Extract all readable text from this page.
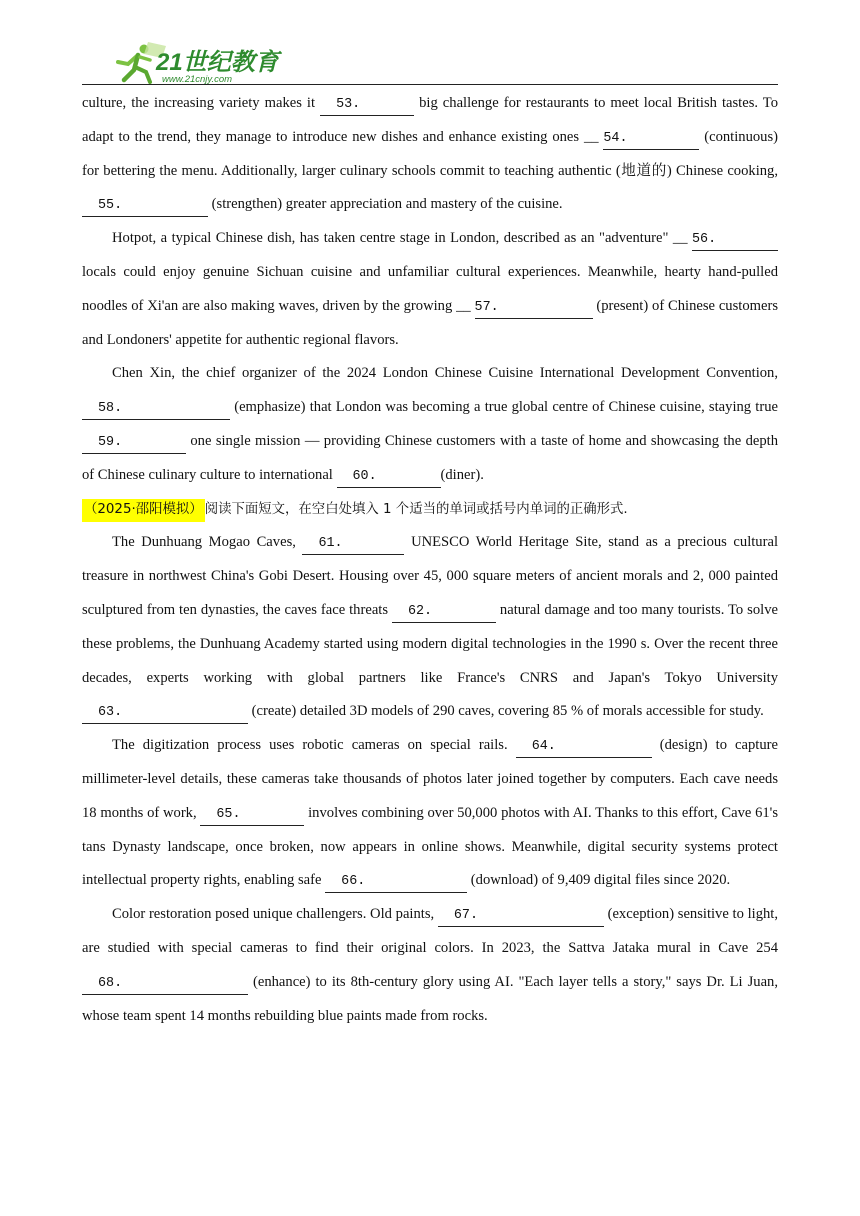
21世纪教育
www.21cnjy.com

culture, the increasing variety makes it 53.	big challenge for restaurants to meet local British tastes. To adapt to the trend, they manage to introduce new dishes and enhance existing ones __ 54.	(continuous) for bettering the menu. Additionally, larger culinary schools commit to teaching authentic (地道的) Chinese cooking, 55.	(strengthen) greater appreciation and mastery of the cuisine.

Hotpot, a typical Chinese dish, has taken centre stage in London, described as an "adventure" __ 56. locals could enjoy genuine Sichuan cuisine and unfamiliar cultural experiences. Meanwhile, hearty hand-pulled noodles of Xi'an are also making waves, driven by the growing __ 57.	(present) of Chinese customers and Londoners' appetite for authentic regional flavors.

Chen Xin, the chief organizer of the 2024 London Chinese Cuisine International Development Convention, 58.	(emphasize) that London was becoming a true global centre of Chinese cuisine, staying true 59.	one single mission — providing Chinese customers with a taste of home and showcasing the depth of Chinese culinary culture to international 60.	(diner).

（2025·邵阳模拟） 阅读下面短文，在空白处填入 1 个适当的单词或括号内单词的正确形式.

The Dunhuang Mogao Caves, 61.	UNESCO World Heritage Site, stand as a precious cultural treasure in northwest China's Gobi Desert. Housing over 45, 000 square meters of ancient morals and 2, 000 painted sculptured from ten dynasties, the caves face threats 62.	natural damage and too many tourists. To solve these problems, the Dunhuang Academy started using modern digital technologies in the 1990 s. Over the recent three decades, experts working with global partners like France's CNRS and Japan's Tokyo University 63.	(create) detailed 3D models of 290 caves, covering 85 % of morals accessible for study.

The digitization process uses robotic cameras on special rails. 64.	(design) to capture millimeter-level details, these cameras take thousands of photos later joined together by computers. Each cave needs 18 months of work, 65.	involves combining over 50,000 photos with AI. Thanks to this effort, Cave 61's tans Dynasty landscape, once broken, now appears in online shows. Meanwhile, digital security systems protect intellectual property rights, enabling safe 66.	(download) of 9,409 digital files since 2020.

Color restoration posed unique challengers. Old paints, 67.	(exception) sensitive to light, are studied with special cameras to find their original colors. In 2023, the Sattva Jataka mural in Cave 254 68.	(enhance) to its 8th-century glory using AI. "Each layer tells a story," says Dr. Li Juan, whose team spent 14 months rebuilding blue paints made from rocks.
